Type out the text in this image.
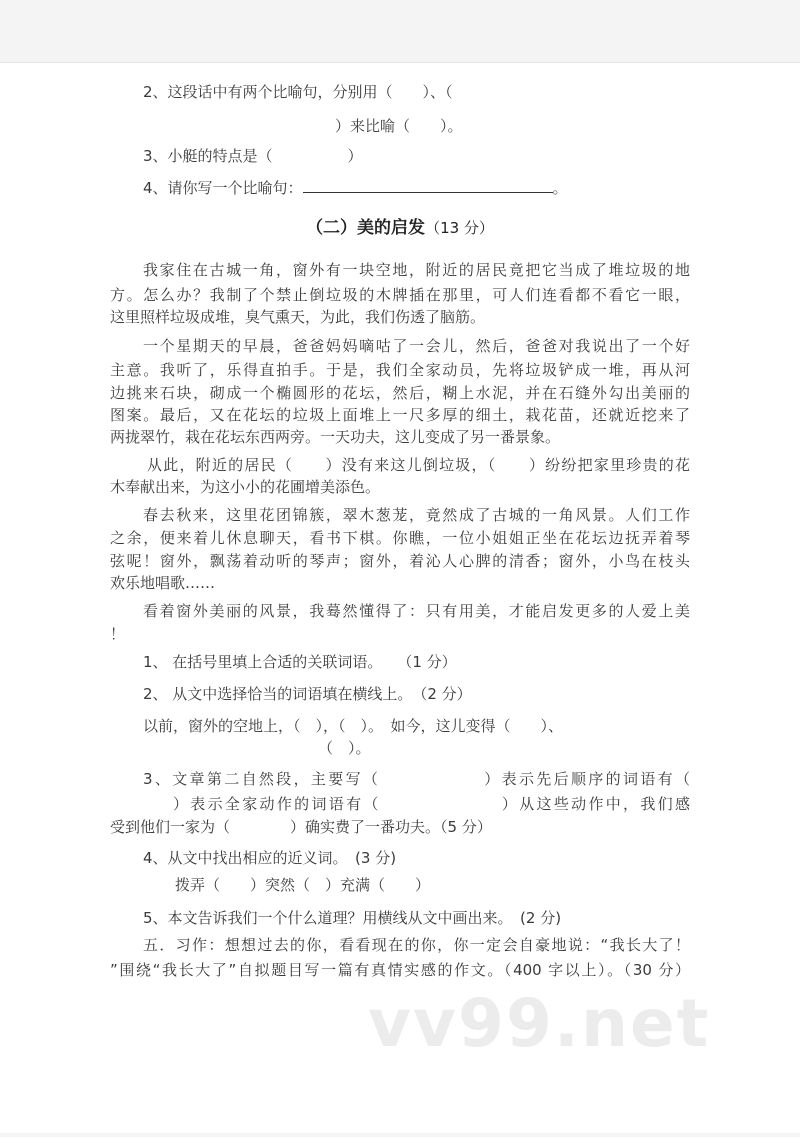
2、这段话中有两个比喻句，分别用（　　）、（
）来比喻（　　）。
3、小艇的特点是（　　　　　）
4、请你写一个比喻句：	。
（二）美的启发（13 分）
我家住在古城一角，窗外有一块空地，附近的居民竟把它当成了堆垃圾的地
方。怎么办？我制了个禁止倒垃圾的木牌插在那里，可人们连看都不看它一眼，
这里照样垃圾成堆，臭气熏天，为此，我们伤透了脑筋。
一个星期天的早晨，爸爸妈妈嘀咕了一会儿，然后，爸爸对我说出了一个好
主意。我听了，乐得直拍手。于是，我们全家动员，先将垃圾铲成一堆，再从河
边挑来石块，砌成一个椭圆形的花坛，然后，糊上水泥，并在石缝外勾出美丽的
图案。最后，又在花坛的垃圾上面堆上一尺多厚的细土，栽花苗，还就近挖来了
两拢翠竹，栽在花坛东西两旁。一天功夫，这儿变成了另一番景象。
从此，附近的居民（　　）没有来这儿倒垃圾，（　　）纷纷把家里珍贵的花
木奉献出来，为这小小的花圃增美添色。
春去秋来，这里花团锦簇，翠木葱茏，竟然成了古城的一角风景。人们工作
之余，便来着儿休息聊天，看书下棋。你瞧，一位小姐姐正坐在花坛边抚弄着琴
弦呢！窗外，飘荡着动听的琴声；窗外，着沁人心脾的清香；窗外，小鸟在枝头
欢乐地唱歌……
看着窗外美丽的风景，我蓦然懂得了：只有用美，才能启发更多的人爱上美
！
1、 在括号里填上合适的关联词语。　　（1 分）
2、 从文中选择恰当的词语填在横线上。　（2 分）
以前，窗外的空地上，（　），（　）。　如今，这儿变得（　　）、
（　）。
3、文章第二自然段，主要写（　　　　　　）表示先后顺序的词语有（
）表示全家动作的词语有（　　　　　　　）从这些动作中，我们感
受到他们一家为（　　　　）确实费了一番功夫。（5 分）
4、从文中找出相应的近义词。　(3 分)
拨弄（　　）突然（　）充满（　　）
5、本文告诉我们一个什么道理？用横线从文中画出来。　(2 分)
五．习作：想想过去的你，看看现在的你，你一定会自豪地说：“我长大了！
”围绕“我长大了”自拟题目写一篇有真情实感的作文。（400 字以上）。（30 分）
vv99.net
